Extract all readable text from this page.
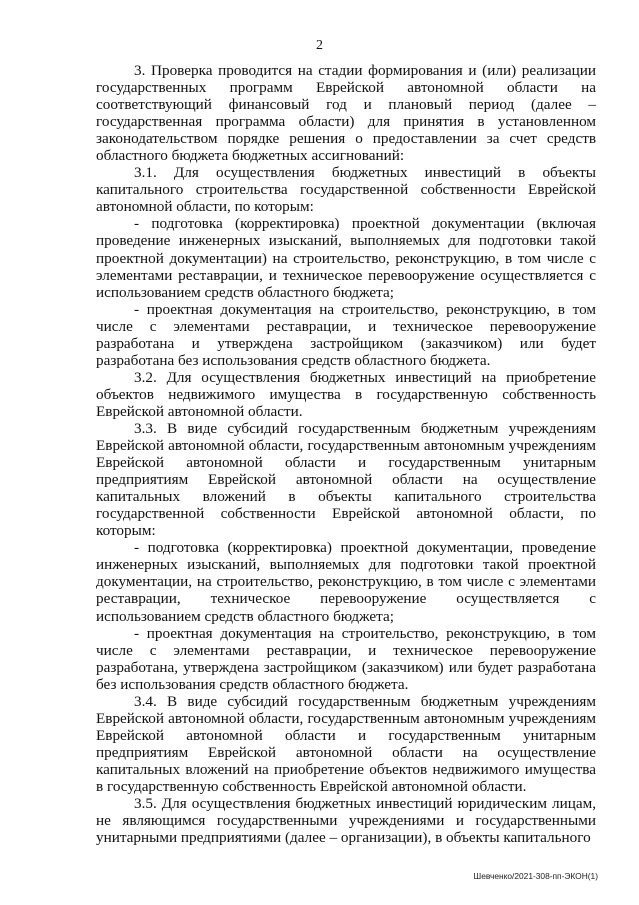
2

3. Проверка проводится на стадии формирования и (или) реализации государственных программ Еврейской автономной области на соответствующий финансовый год и плановый период (далее – государственная программа области) для принятия в установленном законодательством порядке решения о предоставлении за счет средств областного бюджета бюджетных ассигнований:

3.1. Для осуществления бюджетных инвестиций в объекты капитального строительства государственной собственности Еврейской автономной области, по которым:

- подготовка (корректировка) проектной документации (включая проведение инженерных изысканий, выполняемых для подготовки такой проектной документации) на строительство, реконструкцию, в том числе с элементами реставрации, и техническое перевооружение осуществляется с использованием средств областного бюджета;

- проектная документация на строительство, реконструкцию, в том числе с элементами реставрации, и техническое перевооружение разработана и утверждена застройщиком (заказчиком) или будет разработана без использования средств областного бюджета.

3.2. Для осуществления бюджетных инвестиций на приобретение объектов недвижимого имущества в государственную собственность Еврейской автономной области.

3.3. В виде субсидий государственным бюджетным учреждениям Еврейской автономной области, государственным автономным учреждениям Еврейской автономной области и государственным унитарным предприятиям Еврейской автономной области на осуществление капитальных вложений в объекты капитального строительства государственной собственности Еврейской автономной области, по которым:

- подготовка (корректировка) проектной документации, проведение инженерных изысканий, выполняемых для подготовки такой проектной документации, на строительство, реконструкцию, в том числе с элементами реставрации, техническое перевооружение осуществляется с использованием средств областного бюджета;

- проектная документация на строительство, реконструкцию, в том числе с элементами реставрации, и техническое перевооружение разработана, утверждена застройщиком (заказчиком) или будет разработана без использования средств областного бюджета.

3.4. В виде субсидий государственным бюджетным учреждениям Еврейской автономной области, государственным автономным учреждениям Еврейской автономной области и государственным унитарным предприятиям Еврейской автономной области на осуществление капитальных вложений на приобретение объектов недвижимого имущества в государственную собственность Еврейской автономной области.

3.5. Для осуществления бюджетных инвестиций юридическим лицам, не являющимся государственными учреждениями и государственными унитарными предприятиями (далее – организации), в объекты капитального

Шевченко/2021-308-пп-ЭКОН(1)
